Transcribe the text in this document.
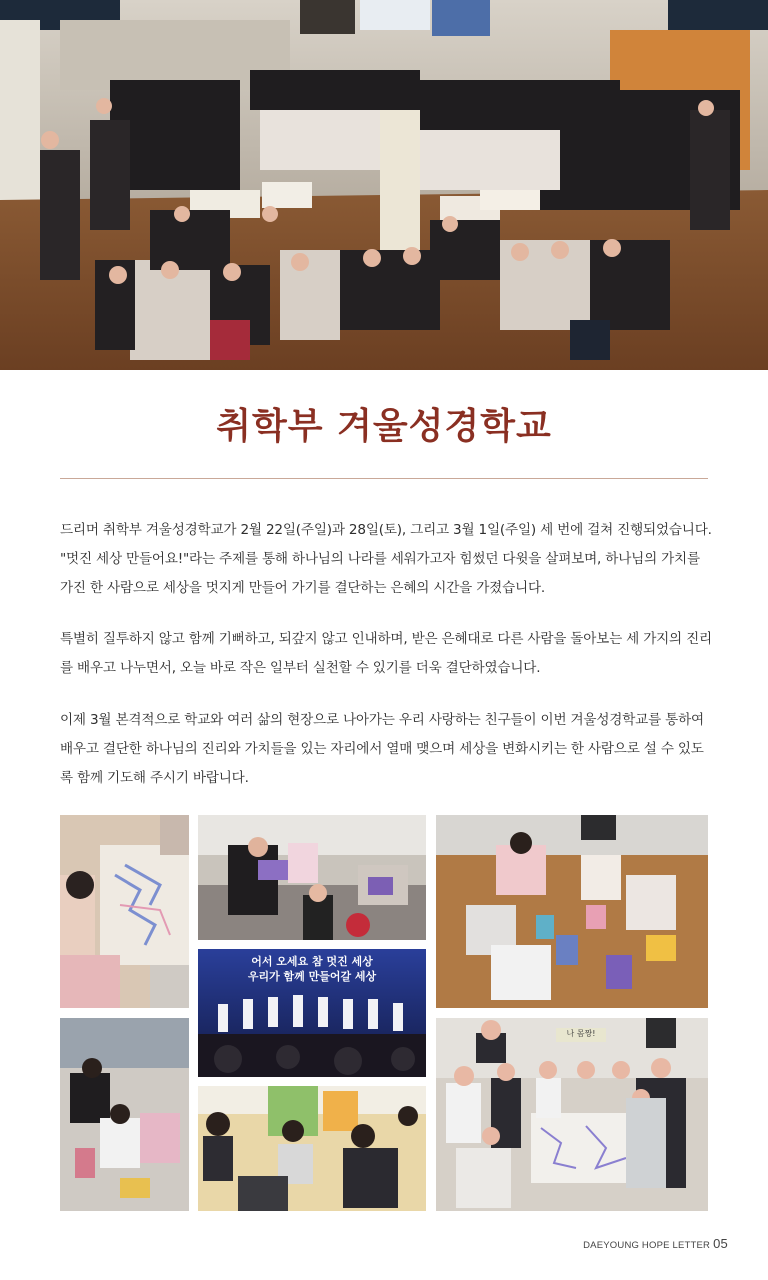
취학부 겨울성경학교

드리머 취학부 겨울성경학교가 2월 22일(주일)과 28일(토), 그리고 3월 1일(주일) 세 번에 걸쳐 진행되었습니다. "멋진 세상 만들어요!"라는 주제를 통해 하나님의 나라를 세워가고자 힘썼던 다윗을 살펴보며, 하나님의 가치를 가진 한 사람으로 세상을 멋지게 만들어 가기를 결단하는 은혜의 시간을 가졌습니다.

특별히 질투하지 않고 함께 기뻐하고, 되갚지 않고 인내하며, 받은 은혜대로 다른 사람을 돌아보는 세 가지의 진리를 배우고 나누면서, 오늘 바로 작은 일부터 실천할 수 있기를 더욱 결단하였습니다.

이제 3월 본격적으로 학교와 여러 삶의 현장으로 나아가는 우리 사랑하는 친구들이 이번 겨울성경학교를 통하여 배우고 결단한 하나님의 진리와 가치들을 있는 자리에서 열매 맺으며 세상을 변화시키는 한 사람으로 설 수 있도록 함께 기도해 주시기 바랍니다.

어서 오세요 참 멋진 세상
우리가 함께 만들어갈 세상
나 몸짱!
DAEYOUNG HOPE LETTER 05
